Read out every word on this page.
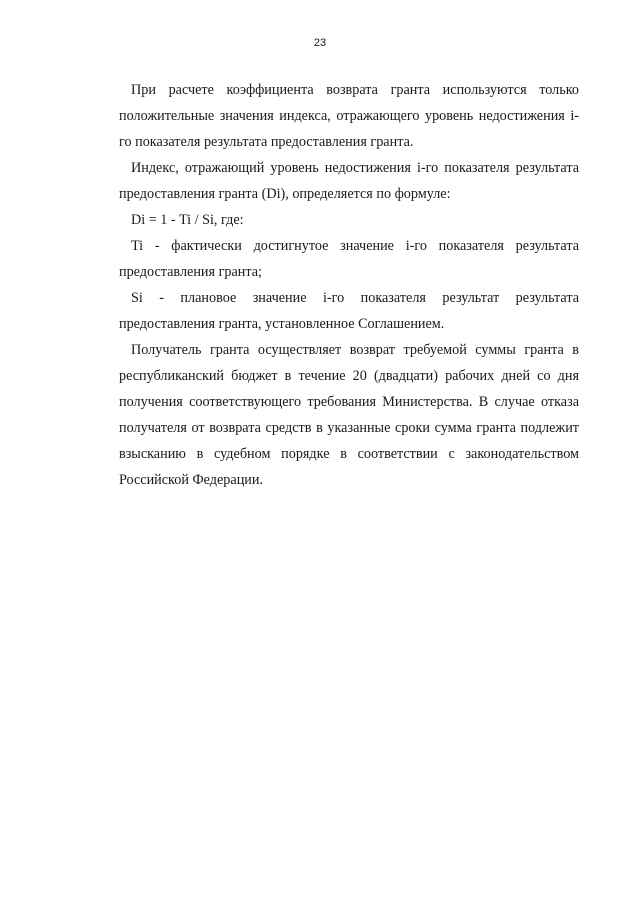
23

При расчете коэффициента возврата гранта используются только положительные значения индекса, отражающего уровень недостижения i-го показателя результата предоставления гранта.

Индекс, отражающий уровень недостижения i-го показателя результата предоставления гранта (Di), определяется по формуле:

Di = 1 - Ti / Si, где:

Ti - фактически достигнутое значение i-го показателя результата предоставления гранта;

Si - плановое значение i-го показателя результат результата предоставления гранта, установленное Соглашением.

Получатель гранта осуществляет возврат требуемой суммы гранта в республиканский бюджет в течение 20 (двадцати) рабочих дней со дня получения соответствующего требования Министерства. В случае отказа получателя от возврата средств в указанные сроки сумма гранта подлежит взысканию в судебном порядке в соответствии с законодательством Российской Федерации.
